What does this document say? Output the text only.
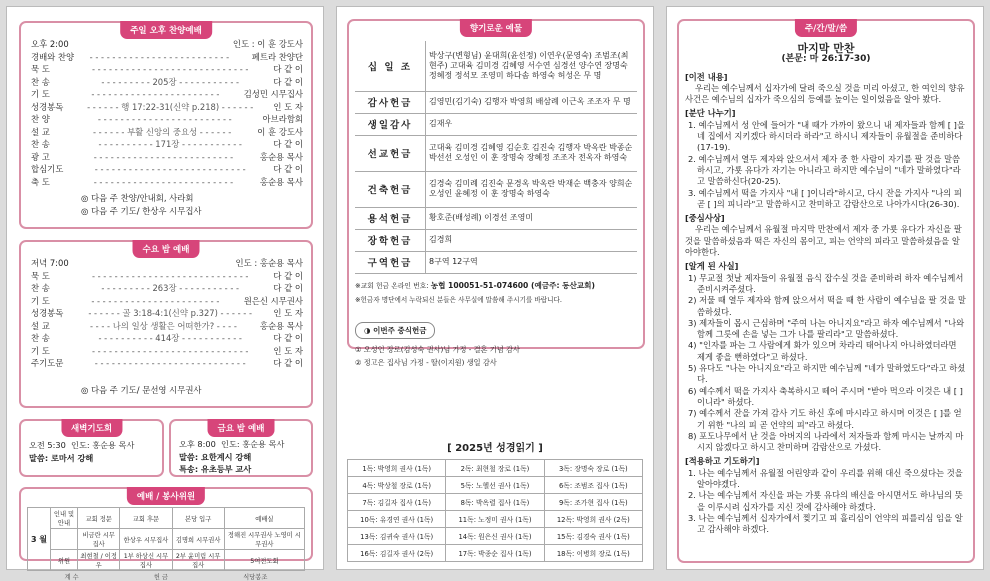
주일 오후 찬양예배
오후 2:00	인도 : 이 훈 강도사
경배와 찬양	- - - - - - - - - - - - - - - - - - - - - - - - -	페트라 찬양단
묵 도	- - - - - - - - - - - - - - - - - - - - - - - - - - - -	다 같 이
찬 송	- - - - - - - - - 205장 - - - - - - - - - - -	다 같 이
기 도	- - - - - - - - - - - - - - - - - - - - - - -	김성민 시무집사
성경봉독	- - - - - - 행 17:22-31(신약 p.218) - - - - - -	인 도 자
찬 양	- - - - - - - - - - - - - - - - - - - - - - - -	아브라함회
설 교	- - - - - - 부활 신앙의 중요성 - - - - - -	이 훈 강도사
찬 송	- - - - - - - - - - 171장 - - - - - - - - - - -	다 같 이
광 고	- - - - - - - - - - - - - - - - - - - - - - - - -	홍순용 목사
합심기도	- - - - - - - - - - - - - - - - - - - - - - - - - - -	다 같 이
축 도	- - - - - - - - - - - - - - - - - - - - - - - - -	홍순용 목사
◎ 다음 주 찬양/안내회, 사라회
◎ 다음 주 기도/ 한상우 시무집사
수요 밤 예배
저녁 7:00	인도 : 홍순용 목사
묵 도	- - - - - - - - - - - - - - - - - - - - - - - - - - - -	다 같 이
찬 송	- - - - - - - - - 263장 - - - - - - - - - - -	다 같 이
기 도	- - - - - - - - - - - - - - - - - - - - - - -	원은신 시무권사
성경봉독	- - - - - - 골 3:18-4:1(신약 p.327) - - - - - -	인 도 자
설 교	- - - - 나의 일상 생활은 어떠한가? - - - -	홍순용 목사
찬 송	- - - - - - - - - - 414장 - - - - - - - - - - -	다 같 이
기 도	- - - - - - - - - - - - - - - - - - - - - - - - - - - -	인 도 자
주기도문	- - - - - - - - - - - - - - - - - - - - - - - - - - -	다 같 이
◎ 다음 주 기도/ 문선영 시무권사
새벽기도회
오전 5:30 인도: 홍순용 목사
말씀: 로마서 강해
금요 밤 예배
오후 8:00 인도: 홍순용 목사
말씀: 요한계시 강해
특송: 유초등부 교사
예배 / 봉사위원
3 월	인내 및 안내	교회 정문	교회 후문	본당 입구	예배실
		비금란 시무집사	한상우 시무집사	김명희 시무권사	정해진 시무권사 노영미 시무권사
	위원	최현철 / 이정우	1부 하상신 시무집사	2부 윤미림 시무집사	5여전도회
계 수	헌 금	식당봉조
향기로운 예물
십 일 조	박상구(변형님) 윤대희(윤선정) 이연우(문영숙) 조범조(최현주) 고대육 김미경 김혜영 서수연 심경선 양수연 장명숙 정혜정 정석모 조영미 하다솜 하영숙 허성은 무 명
감사헌금	김영민(김기숙) 김행자 박영희 배삼례 이근옥 조조자 무 명
생일감사	김재우
선교헌금	고대육 김미경 김혜영 김순호 김진숙 김행자 박옥란 박종순 박선선 오성인 이 훈 장명숙 장혜정 조조자 전옥자 하영숙
건축헌금	김경숙 김미례 김진숙 문경옥 박옥란 박재순 백충자 양희순 오성인 윤혜정 이 훈 장명숙 하영숙
용석헌금	황호준(배성례) 이경선 조영미
장학헌금	김경희
구역헌금	8구역 12구역
※교회 헌금 온라인 번호: 농협 100051-51-074600 (예금주: 동산교회)
※헌금자 명단에서 누락되신 분들은 사무실에 말씀해 주시기를 바랍니다.
◑ 이번주 중식헌금
① 오성인 장로(김성숙 권사)님 가정 - 결혼 기념 감사
② 정고은 집사님 가정 - 딸(이지원) 생일 감사
[ 2025년 성경읽기 ]
1독: 박영희 권사 (1독)	2독: 최현철 장로 (1독)	3독: 장명숙 장로 (1독)
4독: 박상철 장로 (1독)	5독: 노헬선 권사 (1독)	6독: 조범조 집사 (1독)
7독: 김길자 집사 (1독)	8독: 박옥렬 집사 (1독)	9독: 조가현 집사 (1독)
10독: 유경연 권사 (1독)	11독: 노정미 권사 (1독)	12독: 박영희 권사 (2독)
13독: 김귀숙 권사 (1독)	14독: 원은신 권사 (1독)	15독: 김경숙 권사 (1독)
16독: 김길자 권사 (2독)	17독: 박종순 집사 (1독)	18독: 이병희 장로 (1독)
주/간/말/씀
마지막 만찬
(본문: 마 26:17-30)
[이전 내용]
우리는 예수님께서 십자가에 달려 죽으실 것을 미리 아셨고, 한 여인의 향유 사건은 예수님의 십자가 죽으심의 등예를 높이는 일이었음을 알아 봤다.
[분단 나누기]
1. 예수님께서 성 안에 들어가 "내 때가 가까이 왔으니 내 제자들과 함께 [ ]을 네 집에서 지키겠다 하시더라 하라"고 하시니 제자들이 유월절을 준비하다(17-19).
2. 예수님께서 열두 제자와 앉으셔서 제자 중 한 사람이 자기를 팔 것을 말씀하시고, 가룟 유다가 자기는 아니라고 하지만 예수님이 "네가 말하였다"라고 말씀하신다(20-25).
3. 예수님께서 떡을 가지사 "내 [ ]이니라"하시고, 다시 잔을 가지사 "나의 피 곧 [ ]의 피니라"고 말씀하시고 찬미하고 감람산으로 나아가시다(26-30).
[중심사상]
우리는 예수님께서 유월절 마지막 만찬에서 제자 중 가룟 유다가 자신을 팔 것을 말씀하셨음과 떡은 자신의 몸이고, 피는 언약의 피라고 말씀하셨음을 알아야한다.
[알게 된 사실]
1) 무교절 첫날 제자들이 유월절 음식 잡수실 것을 준비하려 하자 예수님께서 준비시켜주셨다.
2) 저물 때 열두 제자와 함께 앉으셔서 떡을 때 한 사람이 예수님을 팔 것을 말씀하셨다.
3) 제자들이 몹시 근심하며 "주여 나는 아니지요"라고 하자 예수님께서 "나와 함께 그릇에 손을 넣는 그가 나를 팔리라"고 말씀하셨다.
4) "인자를 파는 그 사람에게 화가 있으며 차라리 태어나지 아니하였더라면 제게 좋을 뻔하였다"고 하셨다.
5) 유다도 "나는 아니지요"라고 하지만 예수님께 "네가 말하였도다"라고 하셨다.
6) 예수께서 떡을 가지사 축복하시고 떼어 주시며 "받아 먹으라 이것은 내 [ ]이니라" 하셨다.
7) 예수께서 잔을 가져 감사 기도 하신 후에 마시라고 하시며 이것은 [ ]를 얻기 위한 "나의 피 곧 언약의 피"라고 하셨다.
8) 포도나무에서 난 것을 아버지의 나라에서 저자들과 함께 마시는 날까지 마시지 않겠다고 하시고 찬미하며 감람산으로 가셨다.
[적용하고 기도하기]
1. 나는 예수님께서 유월절 어린양과 같이 우리를 위해 대신 죽으셨다는 것을 알아야겠다.
2. 나는 예수님께서 자신을 파는 가룟 유다의 배신을 아시면서도 하나님의 뜻을 이루시려 십자가를 지신 것에 감사해야 하겠다.
3. 나는 예수님께서 십자가에서 찢기고 피 흘리심이 언약의 피를리심 임을 알고 감사해야 하겠다.
